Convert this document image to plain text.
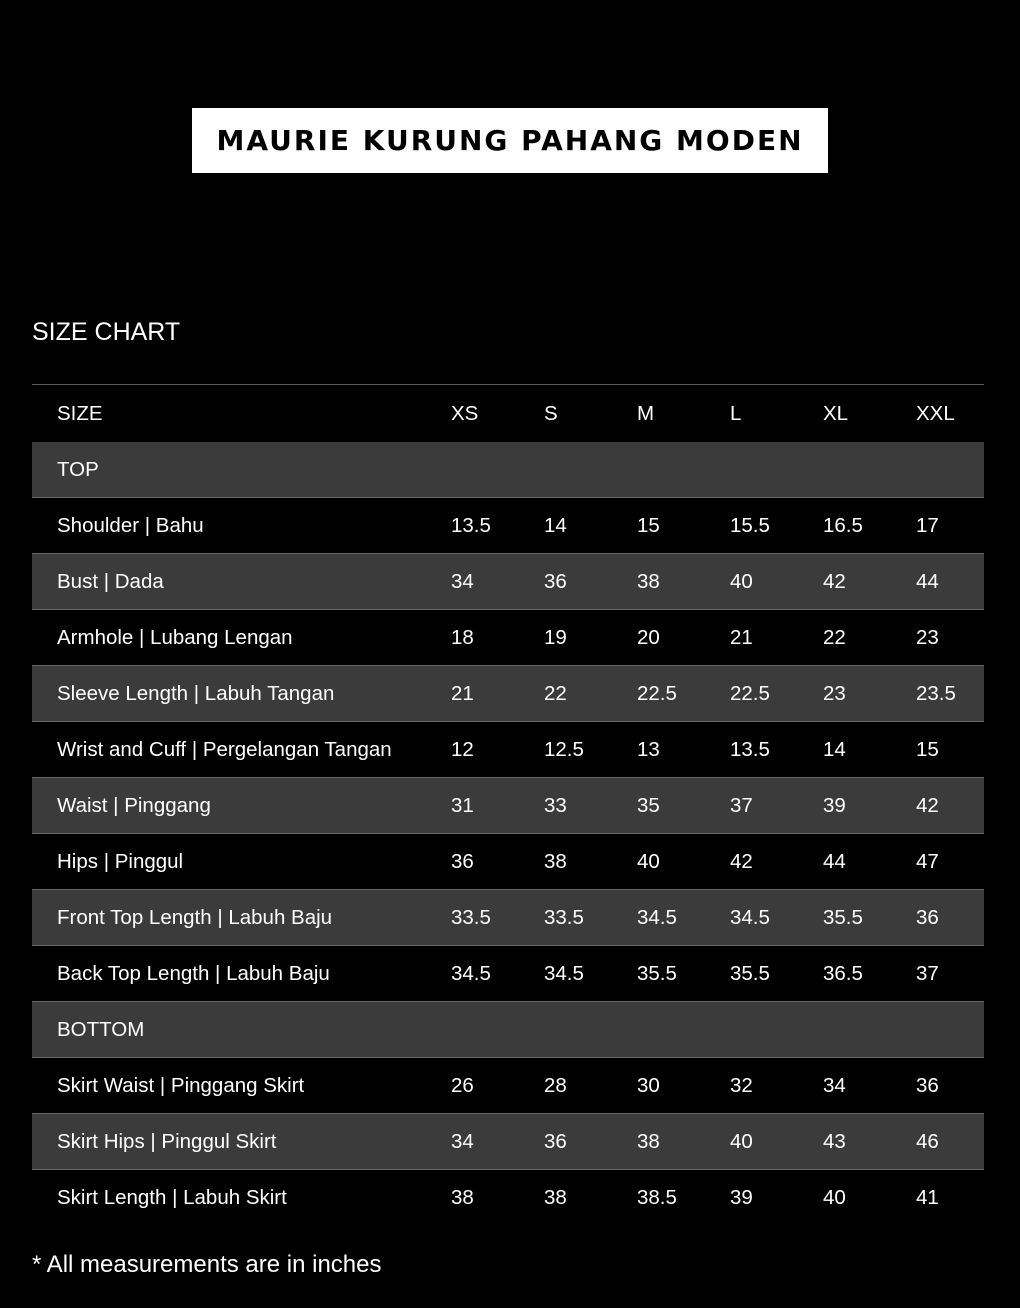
MAURIE KURUNG PAHANG MODEN
SIZE CHART
SIZE	XS	S	M	L	XL	XXL
TOP
Shoulder | Bahu	13.5	14	15	15.5	16.5	17
Bust | Dada	34	36	38	40	42	44
Armhole | Lubang Lengan	18	19	20	21	22	23
Sleeve Length | Labuh Tangan	21	22	22.5	22.5	23	23.5
Wrist and Cuff | Pergelangan Tangan	12	12.5	13	13.5	14	15
Waist | Pinggang	31	33	35	37	39	42
Hips | Pinggul	36	38	40	42	44	47
Front Top Length | Labuh Baju	33.5	33.5	34.5	34.5	35.5	36
Back Top Length | Labuh Baju	34.5	34.5	35.5	35.5	36.5	37
BOTTOM
Skirt Waist | Pinggang Skirt	26	28	30	32	34	36
Skirt Hips | Pinggul Skirt	34	36	38	40	43	46
Skirt Length | Labuh Skirt	38	38	38.5	39	40	41
* All measurements are in inches
